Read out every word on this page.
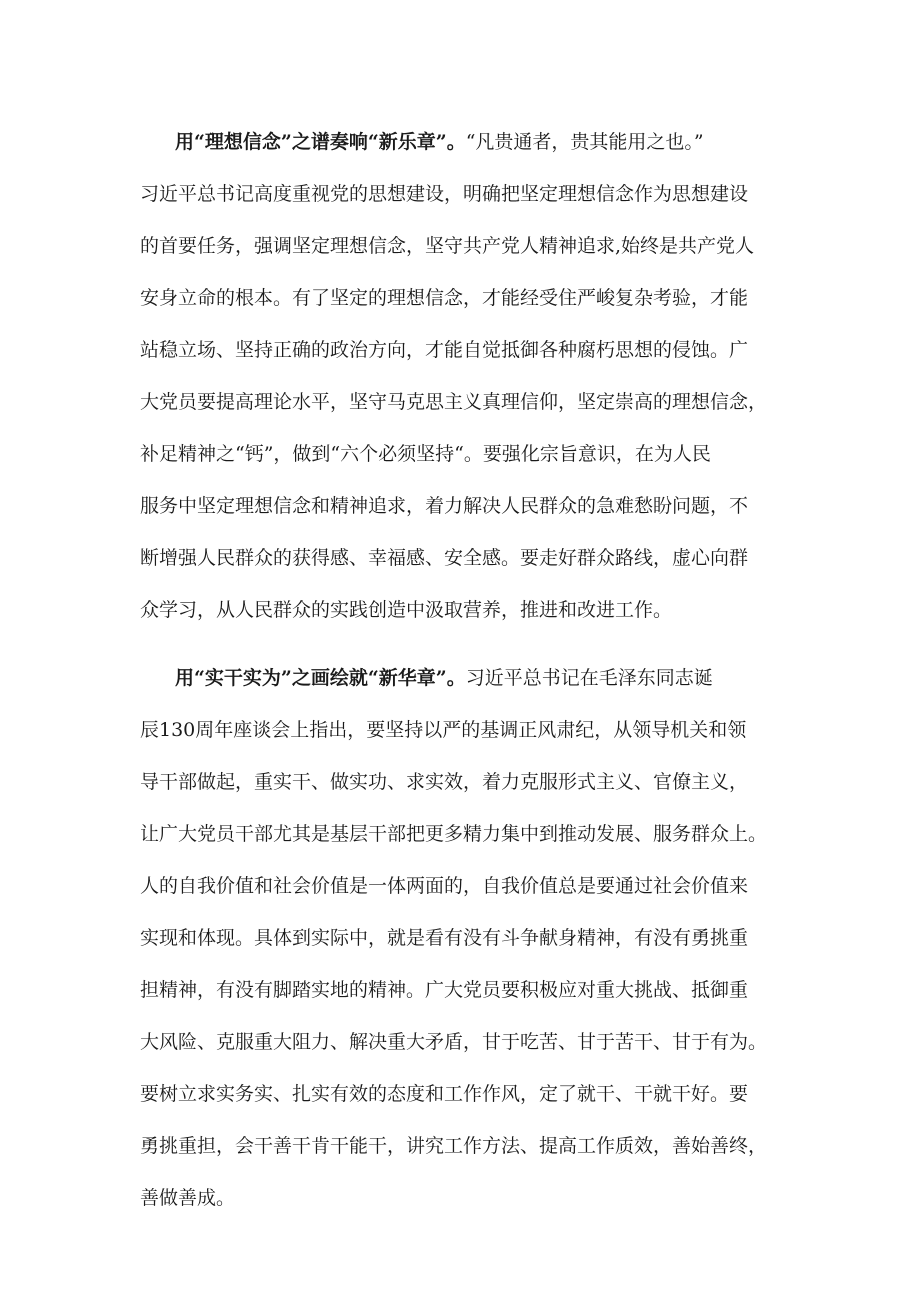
用“理想信念”之谱奏响“新乐章”。“凡贵通者，贵其能用之也。”
习近平总书记高度重视党的思想建设，明确把坚定理想信念作为思想建设
的首要任务，强调坚定理想信念，坚守共产党人精神追求,始终是共产党人
安身立命的根本。有了坚定的理想信念，才能经受住严峻复杂考验，才能
站稳立场、坚持正确的政治方向，才能自觉抵御各种腐朽思想的侵蚀。广
大党员要提高理论水平，坚守马克思主义真理信仰，坚定崇高的理想信念，
补足精神之“钙”，做到“六个必须坚持“。要强化宗旨意识，在为人民
服务中坚定理想信念和精神追求，着力解决人民群众的急难愁盼问题，不
断增强人民群众的获得感、幸福感、安全感。要走好群众路线，虚心向群
众学习，从人民群众的实践创造中汲取营养，推进和改进工作。
用“实干实为”之画绘就“新华章”。习近平总书记在毛泽东同志诞
辰130周年座谈会上指出，要坚持以严的基调正风肃纪，从领导机关和领
导干部做起，重实干、做实功、求实效，着力克服形式主义、官僚主义，
让广大党员干部尤其是基层干部把更多精力集中到推动发展、服务群众上。
人的自我价值和社会价值是一体两面的，自我价值总是要通过社会价值来
实现和体现。具体到实际中，就是看有没有斗争献身精神，有没有勇挑重
担精神，有没有脚踏实地的精神。广大党员要积极应对重大挑战、抵御重
大风险、克服重大阻力、解决重大矛盾，甘于吃苦、甘于苦干、甘于有为。
要树立求实务实、扎实有效的态度和工作作风，定了就干、干就干好。要
勇挑重担，会干善干肯干能干，讲究工作方法、提高工作质效，善始善终，
善做善成。
